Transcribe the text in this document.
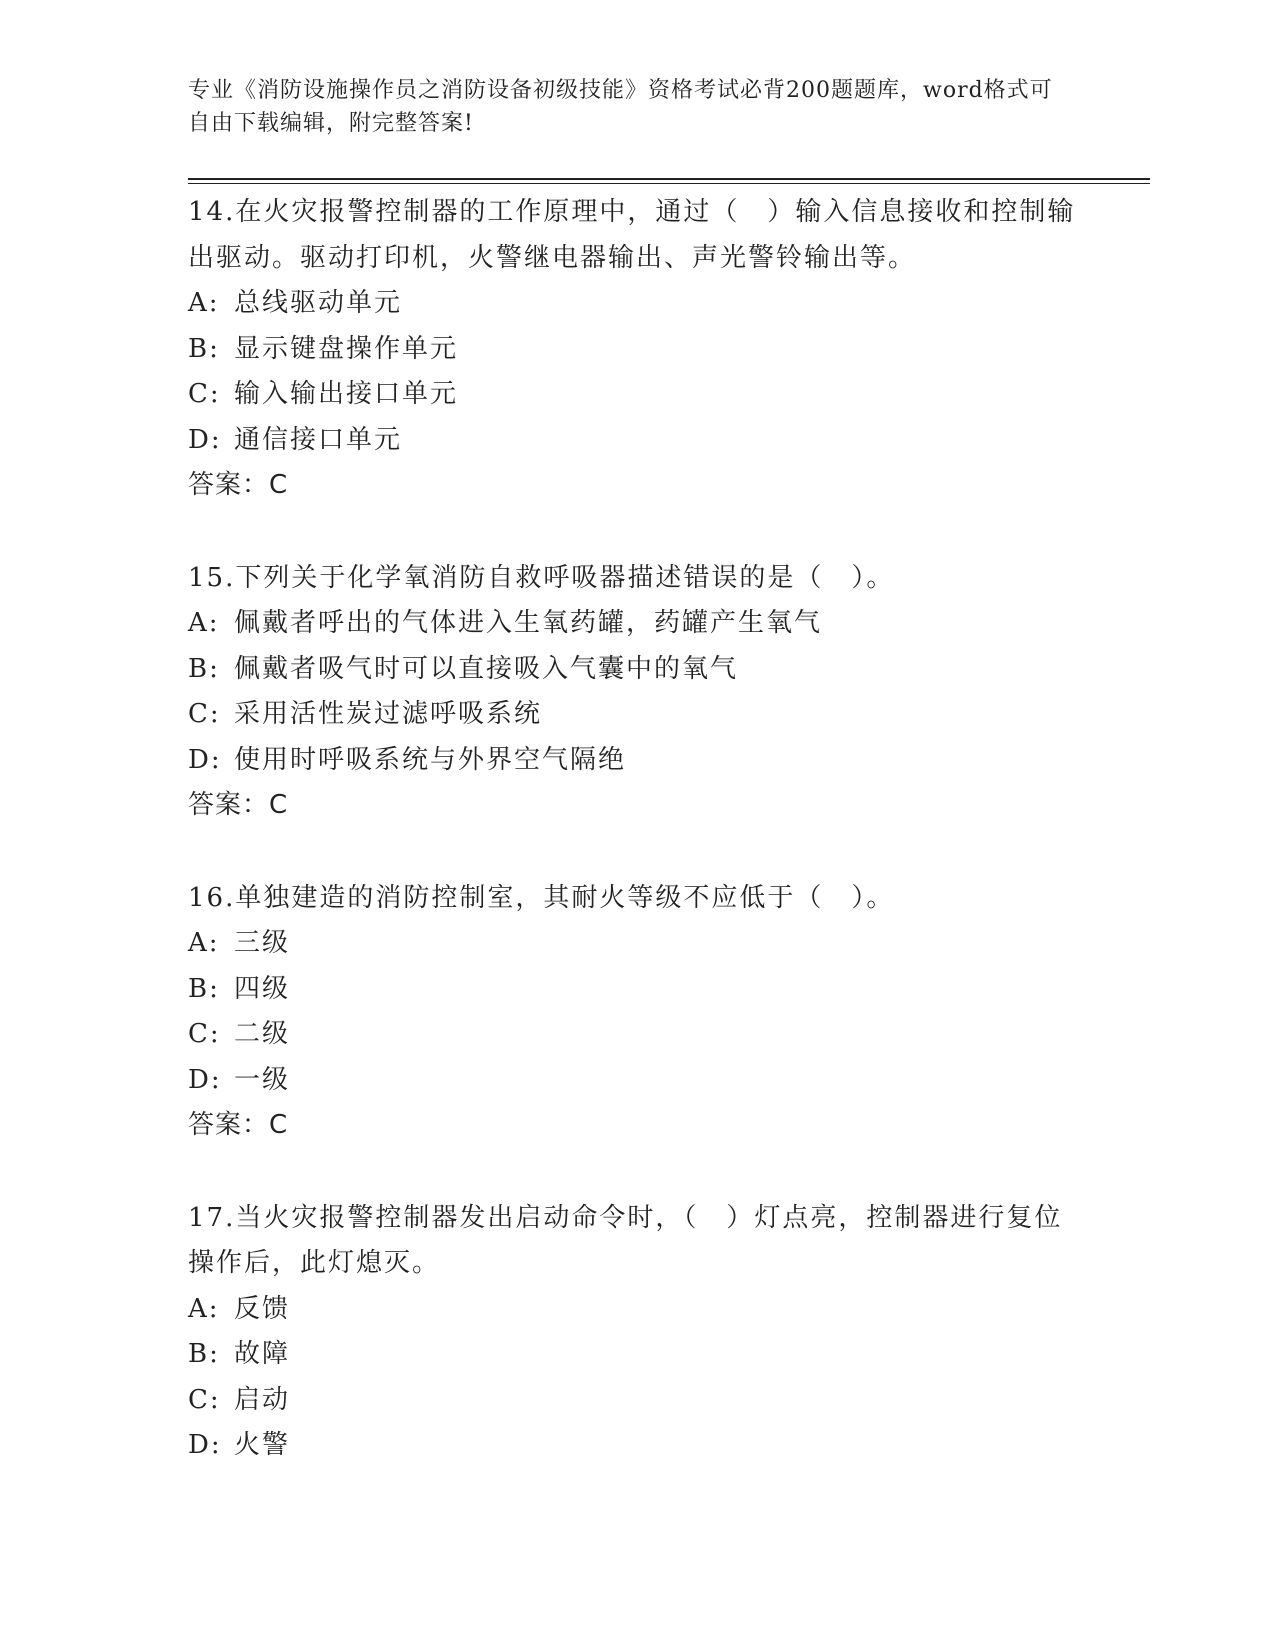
专业《消防设施操作员之消防设备初级技能》资格考试必背200题题库，word格式可自由下载编辑，附完整答案!
14.在火灾报警控制器的工作原理中，通过（　）输入信息接收和控制输出驱动。驱动打印机，火警继电器输出、声光警铃输出等。
A: 总线驱动单元
B: 显示键盘操作单元
C: 输入输出接口单元
D: 通信接口单元
答案：C
15.下列关于化学氧消防自救呼吸器描述错误的是（　）。
A: 佩戴者呼出的气体进入生氧药罐，药罐产生氧气
B: 佩戴者吸气时可以直接吸入气囊中的氧气
C: 采用活性炭过滤呼吸系统
D: 使用时呼吸系统与外界空气隔绝
答案：C
16.单独建造的消防控制室，其耐火等级不应低于（　）。
A: 三级
B: 四级
C: 二级
D: 一级
答案：C
17.当火灾报警控制器发出启动命令时，（　）灯点亮，控制器进行复位操作后，此灯熄灭。
A: 反馈
B: 故障
C: 启动
D: 火警
